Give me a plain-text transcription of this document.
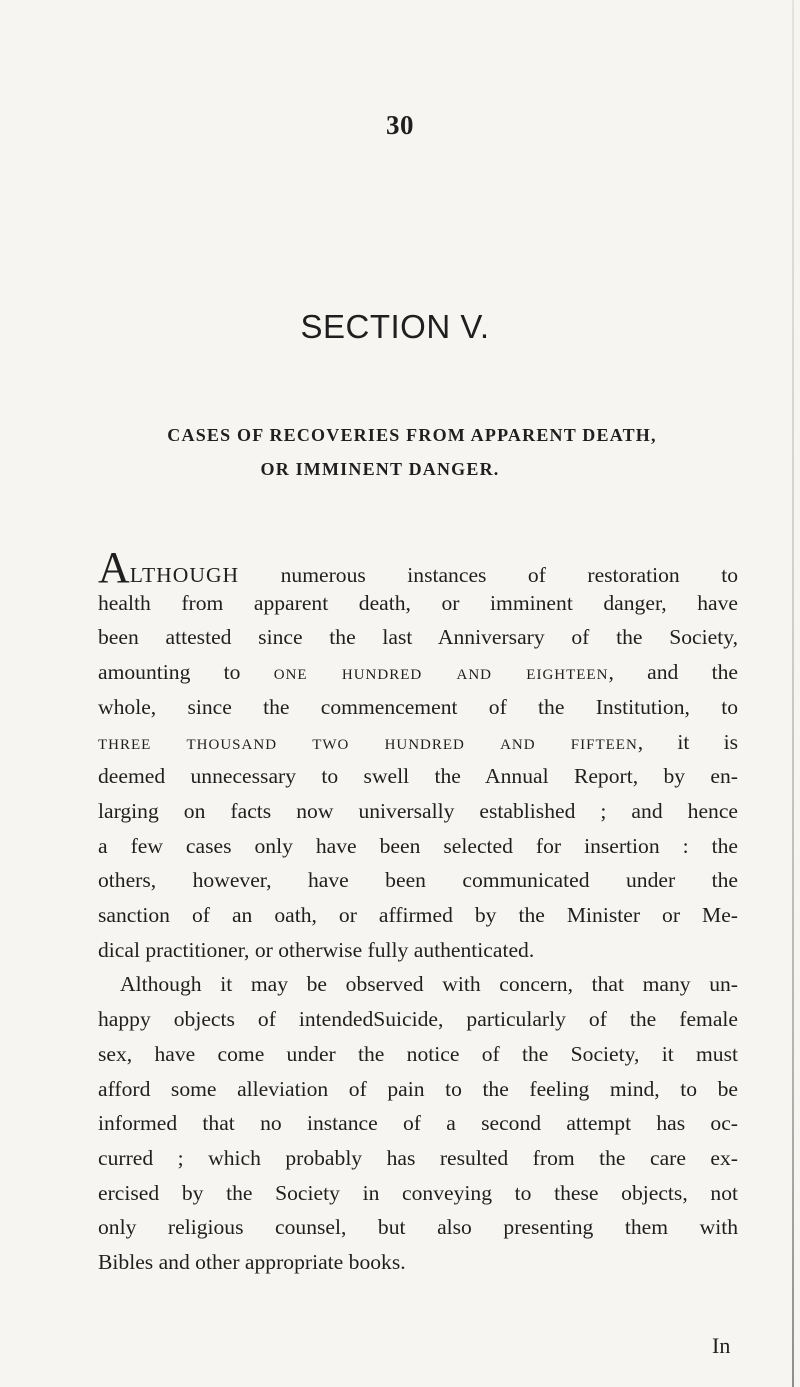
30
SECTION V.
CASES OF RECOVERIES FROM APPARENT DEATH,
OR IMMINENT DANGER.
ALTHOUGH numerous instances of restoration to
health from apparent death, or imminent danger, have
been attested since the last Anniversary of the Society,
amounting to one hundred and eighteen, and the
whole, since the commencement of the Institution, to
three thousand two hundred and fifteen, it is
deemed unnecessary to swell the Annual Report, by en-
larging on facts now universally established ; and hence
a few cases only have been selected for insertion : the
others, however, have been communicated under the
sanction of an oath, or affirmed by the Minister or Me-
dical practitioner, or otherwise fully authenticated.
Although it may be observed with concern, that many un-
happy objects of intendedSuicide, particularly of the female
sex, have come under the notice of the Society, it must
afford some alleviation of pain to the feeling mind, to be
informed that no instance of a second attempt has oc-
curred ; which probably has resulted from the care ex-
ercised by the Society in conveying to these objects, not
only religious counsel, but also presenting them with
Bibles and other appropriate books.
In
